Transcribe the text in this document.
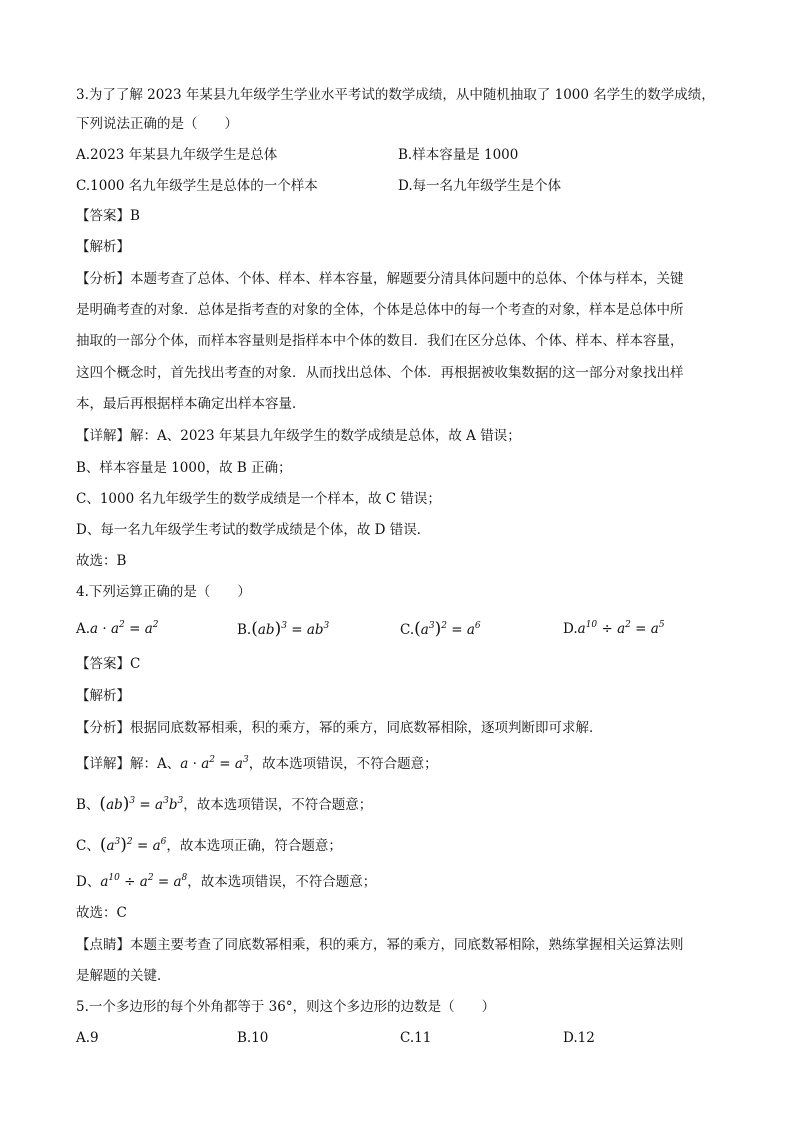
3.为了了解 2023 年某县九年级学生学业水平考试的数学成绩，从中随机抽取了 1000 名学生的数学成绩，
下列说法正确的是（　　）
A.2023 年某县九年级学生是总体	B.样本容量是 1000
C.1000 名九年级学生是总体的一个样本	D.每一名九年级学生是个体
【答案】B
【解析】
【分析】本题考查了总体、个体、样本、样本容量，解题要分清具体问题中的总体、个体与样本，关键
是明确考查的对象．总体是指考查的对象的全体，个体是总体中的每一个考查的对象，样本是总体中所
抽取的一部分个体，而样本容量则是指样本中个体的数目．我们在区分总体、个体、样本、样本容量，
这四个概念时，首先找出考查的对象．从而找出总体、个体．再根据被收集数据的这一部分对象找出样
本，最后再根据样本确定出样本容量．
【详解】解：A、2023 年某县九年级学生的数学成绩是总体，故 A 错误；
B、样本容量是 1000，故 B 正确；
C、1000 名九年级学生的数学成绩是一个样本，故 C 错误；
D、每一名九年级学生考试的数学成绩是个体，故 D 错误．
故选：B
4.下列运算正确的是（　　）
$A.a \cdot a^2 = a^2$	$B.(ab)^3 = ab^3$	$C.(a^3)^2 = a^6$	$D.a^{10} \div a^2 = a^5$
【答案】C
【解析】
【分析】根据同底数幂相乘，积的乘方，幂的乘方，同底数幂相除，逐项判断即可求解．
【详解】解：A、$a \cdot a^2 = a^3$，故本选项错误，不符合题意；
B、$(ab)^3 = a^3b^3$，故本选项错误，不符合题意；
C、$(a^3)^2 = a^6$，故本选项正确，符合题意；
D、$a^{10} \div a^2 = a^8$，故本选项错误，不符合题意；
故选：C
【点睛】本题主要考查了同底数幂相乘，积的乘方，幂的乘方，同底数幂相除，熟练掌握相关运算法则
是解题的关键．
5.一个多边形的每个外角都等于 36°，则这个多边形的边数是（　　）
A.9	B.10	C.11	D.12
